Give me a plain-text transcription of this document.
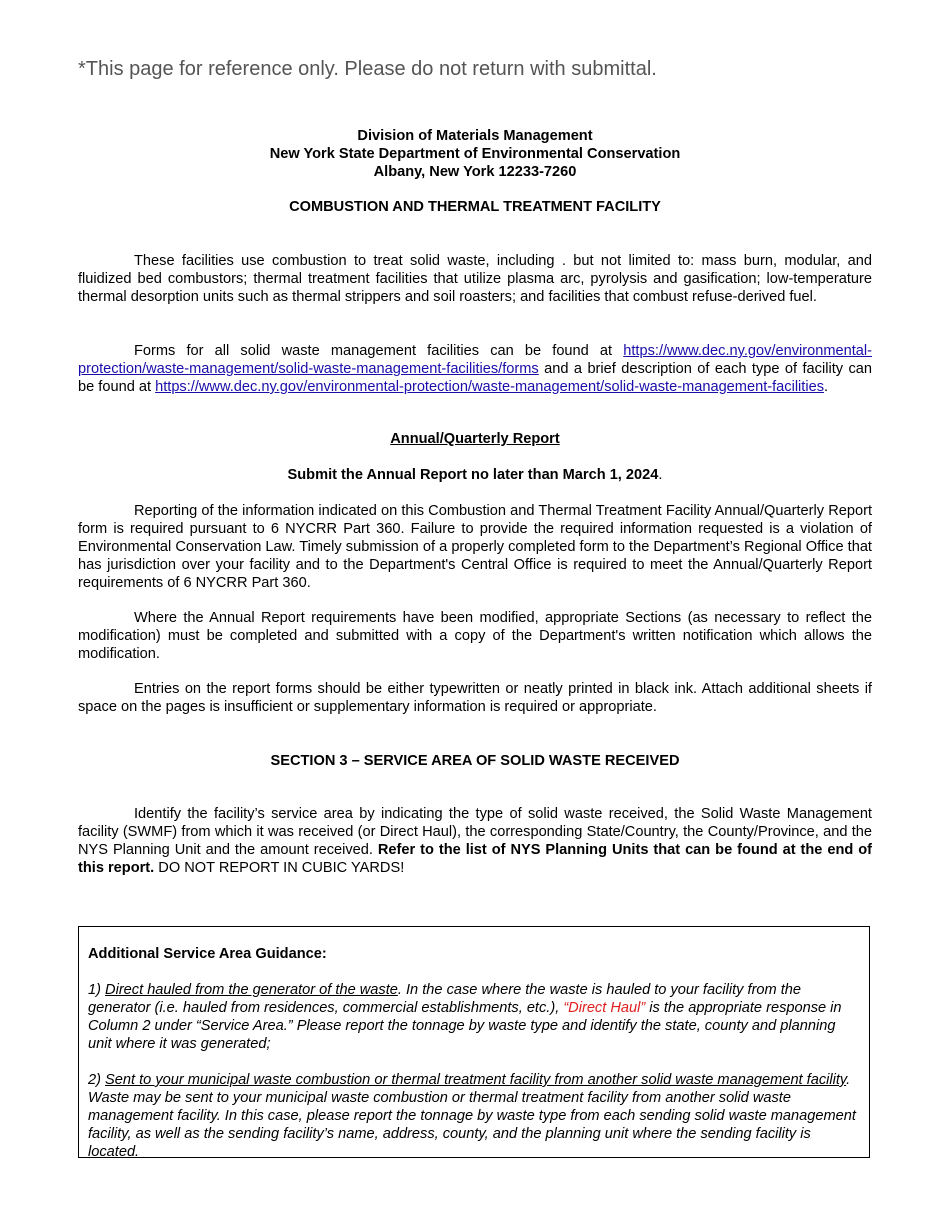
*This page for reference only. Please do not return with submittal.

Division of Materials Management
New York State Department of Environmental Conservation
Albany, New York 12233-7260

COMBUSTION AND THERMAL TREATMENT FACILITY

These facilities use combustion to treat solid waste, including . but not limited to: mass burn, modular, and fluidized bed combustors; thermal treatment facilities that utilize plasma arc, pyrolysis and gasification; low-temperature thermal desorption units such as thermal strippers and soil roasters; and facilities that combust refuse-derived fuel.

Forms for all solid waste management facilities can be found at https://www.dec.ny.gov/environmental-protection/waste-management/solid-waste-management-facilities/forms and a brief description of each type of facility can be found at https://www.dec.ny.gov/environmental-protection/waste-management/solid-waste-management-facilities.

Annual/Quarterly Report

Submit the Annual Report no later than March 1, 2024.

Reporting of the information indicated on this Combustion and Thermal Treatment Facility Annual/Quarterly Report form is required pursuant to 6 NYCRR Part 360. Failure to provide the required information requested is a violation of Environmental Conservation Law. Timely submission of a properly completed form to the Department’s Regional Office that has jurisdiction over your facility and to the Department's Central Office is required to meet the Annual/Quarterly Report requirements of 6 NYCRR Part 360.

Where the Annual Report requirements have been modified, appropriate Sections (as necessary to reflect the modification) must be completed and submitted with a copy of the Department's written notification which allows the modification.

Entries on the report forms should be either typewritten or neatly printed in black ink. Attach additional sheets if space on the pages is insufficient or supplementary information is required or appropriate.

SECTION 3 – SERVICE AREA OF SOLID WASTE RECEIVED

Identify the facility’s service area by indicating the type of solid waste received, the Solid Waste Management facility (SWMF) from which it was received (or Direct Haul), the corresponding State/Country, the County/Province, and the NYS Planning Unit and the amount received. Refer to the list of NYS Planning Units that can be found at the end of this report. DO NOT REPORT IN CUBIC YARDS!

Additional Service Area Guidance:

1) Direct hauled from the generator of the waste. In the case where the waste is hauled to your facility from the generator (i.e. hauled from residences, commercial establishments, etc.), “Direct Haul” is the appropriate response in Column 2 under “Service Area.” Please report the tonnage by waste type and identify the state, county and planning unit where it was generated;

2) Sent to your municipal waste combustion or thermal treatment facility from another solid waste management facility. Waste may be sent to your municipal waste combustion or thermal treatment facility from another solid waste management facility. In this case, please report the tonnage by waste type from each sending solid waste management facility, as well as the sending facility’s name, address, county, and the planning unit where the sending facility is located.
